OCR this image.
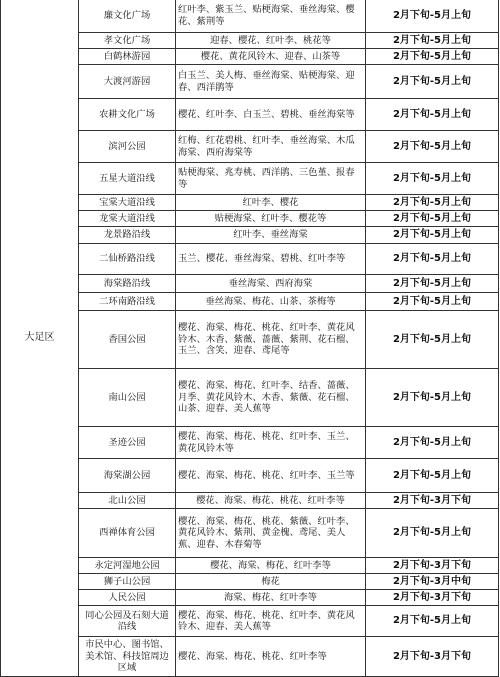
大足区	廉文化广场	红叶李、紫玉兰、贴梗海棠、垂丝海棠、樱花、紫荆等	2月下旬-5月上旬
	孝文化广场	迎春、樱花、红叶李、桃花等	2月下旬-5月上旬
	白鹤林游园	樱花、黄花风铃木、迎春、山茶等	2月下旬-5月上旬
	大渡河游园	白玉兰、美人梅、垂丝海棠、贴梗海棠、迎春、西洋鹃等	2月下旬-5月上旬
	农耕文化广场	樱花、红叶李、白玉兰、碧桃、垂丝海棠等	2月下旬-5月上旬
	滨河公园	红梅、红花碧桃、红叶李、垂丝海棠、木瓜海棠、西府海棠等	2月下旬-5月上旬
	五星大道沿线	贴梗海棠、兆寿桃、西洋鹃、三色堇、报春等	2月下旬-5月上旬
	宝棠大道沿线	红叶李、樱花	2月下旬-5月上旬
	龙棠大道沿线	贴梗海棠、红叶李、樱花等	2月下旬-5月上旬
	龙景路沿线	红叶李、垂丝海棠	2月下旬-5月上旬
	二仙桥路沿线	玉兰、樱花、垂丝海棠、碧桃、红叶李等	2月下旬-5月上旬
	海棠路沿线	垂丝海棠、西府海棠	2月下旬-5月上旬
	二环南路沿线	垂丝海棠、梅花、山茶、茶梅等	2月下旬-5月上旬
	香国公园	樱花、海棠、梅花、桃花、红叶李、黄花风铃木、木香、紫薇、蔷薇、紫荆、花石榴、玉兰、含笑、迎春、鸢尾等	2月下旬-5月上旬
	南山公园	樱花、海棠、梅花、红叶李、结香、蔷薇、月季、黄花风铃木、木香、紫薇、花石榴、山茶、迎春、美人蕉等	2月下旬-5月上旬
	圣迹公园	樱花、海棠、梅花、桃花、红叶李、玉兰、黄花风铃木等	2月下旬-5月上旬
	海棠湖公园	樱花、海棠、梅花、桃花、红叶李、玉兰等	2月下旬-5月上旬
	北山公园	樱花、海棠、梅花、桃花、红叶李等	2月下旬-3月下旬
	西禅体育公园	樱花、海棠、梅花、桃花、紫薇、红叶李、黄花风铃木、紫荆、黄金槐、鸢尾、美人蕉、迎春、木春菊等	2月下旬-5月上旬
	永定河湿地公园	樱花、海棠、梅花、红叶李等	2月下旬-3月下旬
	狮子山公园	梅花	2月下旬-3月中旬
	人民公园	海棠、梅花、红叶李等	2月下旬-3月下旬
	同心公园及石刻大道沿线	樱花、海棠、梅花、桃花、红叶李、黄花风铃木、迎春、美人蕉等	2月下旬-5月上旬
	市民中心、图书馆、美术馆、科技馆周边区域	樱花、海棠、梅花、桃花、红叶李等	2月下旬-3月下旬
